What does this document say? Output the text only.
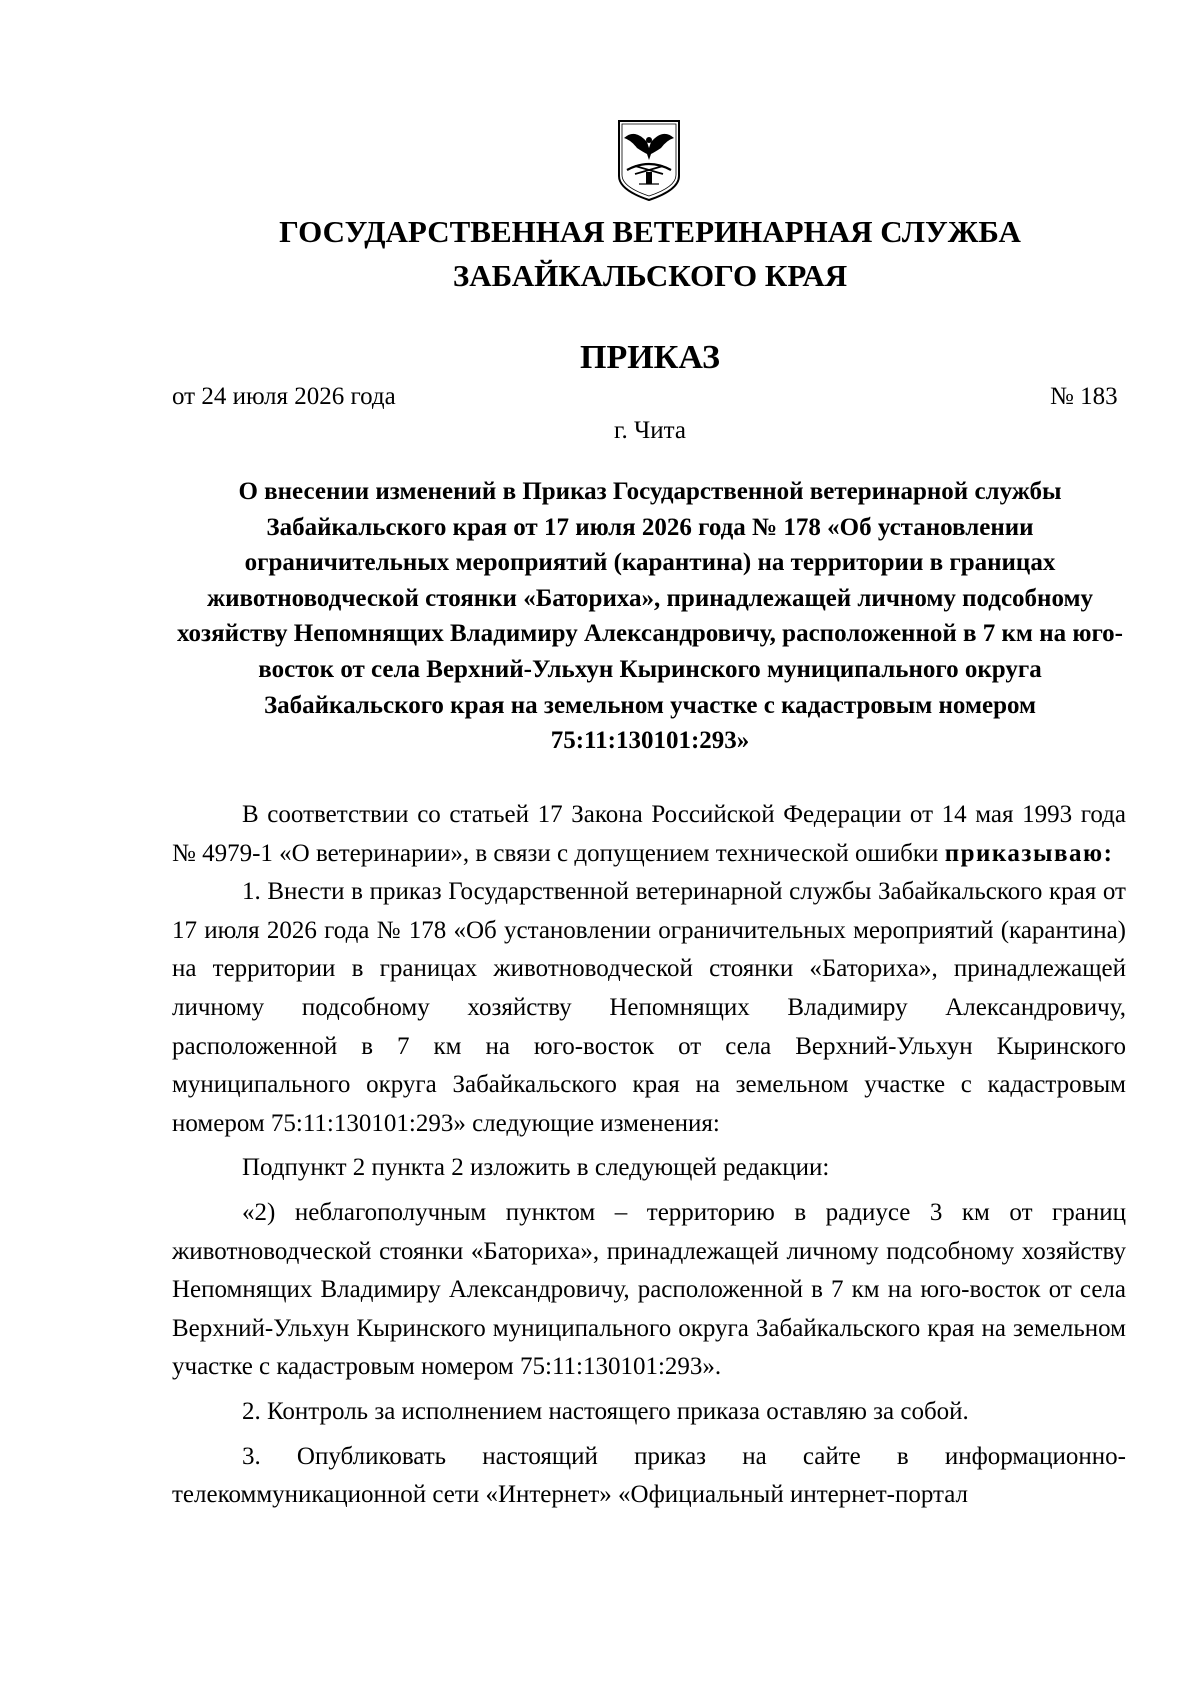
ГОСУДАРСТВЕННАЯ ВЕТЕРИНАРНАЯ СЛУЖБА
ЗАБАЙКАЛЬСКОГО КРАЯ
ПРИКАЗ
от 24 июля 2026 года	№ 183
г. Чита
О внесении изменений в Приказ Государственной ветеринарной службы Забайкальского края от 17 июля 2026 года № 178 «Об установлении ограничительных мероприятий (карантина) на территории в границах животноводческой стоянки «Баториха», принадлежащей личному подсобному хозяйству Непомнящих Владимиру Александровичу, расположенной в 7 км на юго-восток от села Верхний-Ульхун Кыринского муниципального округа Забайкальского края на земельном участке с кадастровым номером 75:11:130101:293»

В соответствии со статьей 17 Закона Российской Федерации от 14 мая 1993 года № 4979-1 «О ветеринарии», в связи с допущением технической ошибки приказываю:

1. Внести в приказ Государственной ветеринарной службы Забайкальского края от 17 июля 2026 года № 178 «Об установлении ограничительных мероприятий (карантина) на территории в границах животноводческой стоянки «Баториха», принадлежащей личному подсобному хозяйству Непомнящих Владимиру Александровичу, расположенной в 7 км на юго-восток от села Верхний-Ульхун Кыринского муниципального округа Забайкальского края на земельном участке с кадастровым номером 75:11:130101:293» следующие изменения:

Подпункт 2 пункта 2 изложить в следующей редакции:

«2) неблагополучным пунктом – территорию в радиусе 3 км от границ животноводческой стоянки «Баториха», принадлежащей личному подсобному хозяйству Непомнящих Владимиру Александровичу, расположенной в 7 км на юго-восток от села Верхний-Ульхун Кыринского муниципального округа Забайкальского края на земельном участке с кадастровым номером 75:11:130101:293».

2. Контроль за исполнением настоящего приказа оставляю за собой.

3. Опубликовать настоящий приказ на сайте в информационно-телекоммуникационной сети «Интернет» «Официальный интернет-портал
